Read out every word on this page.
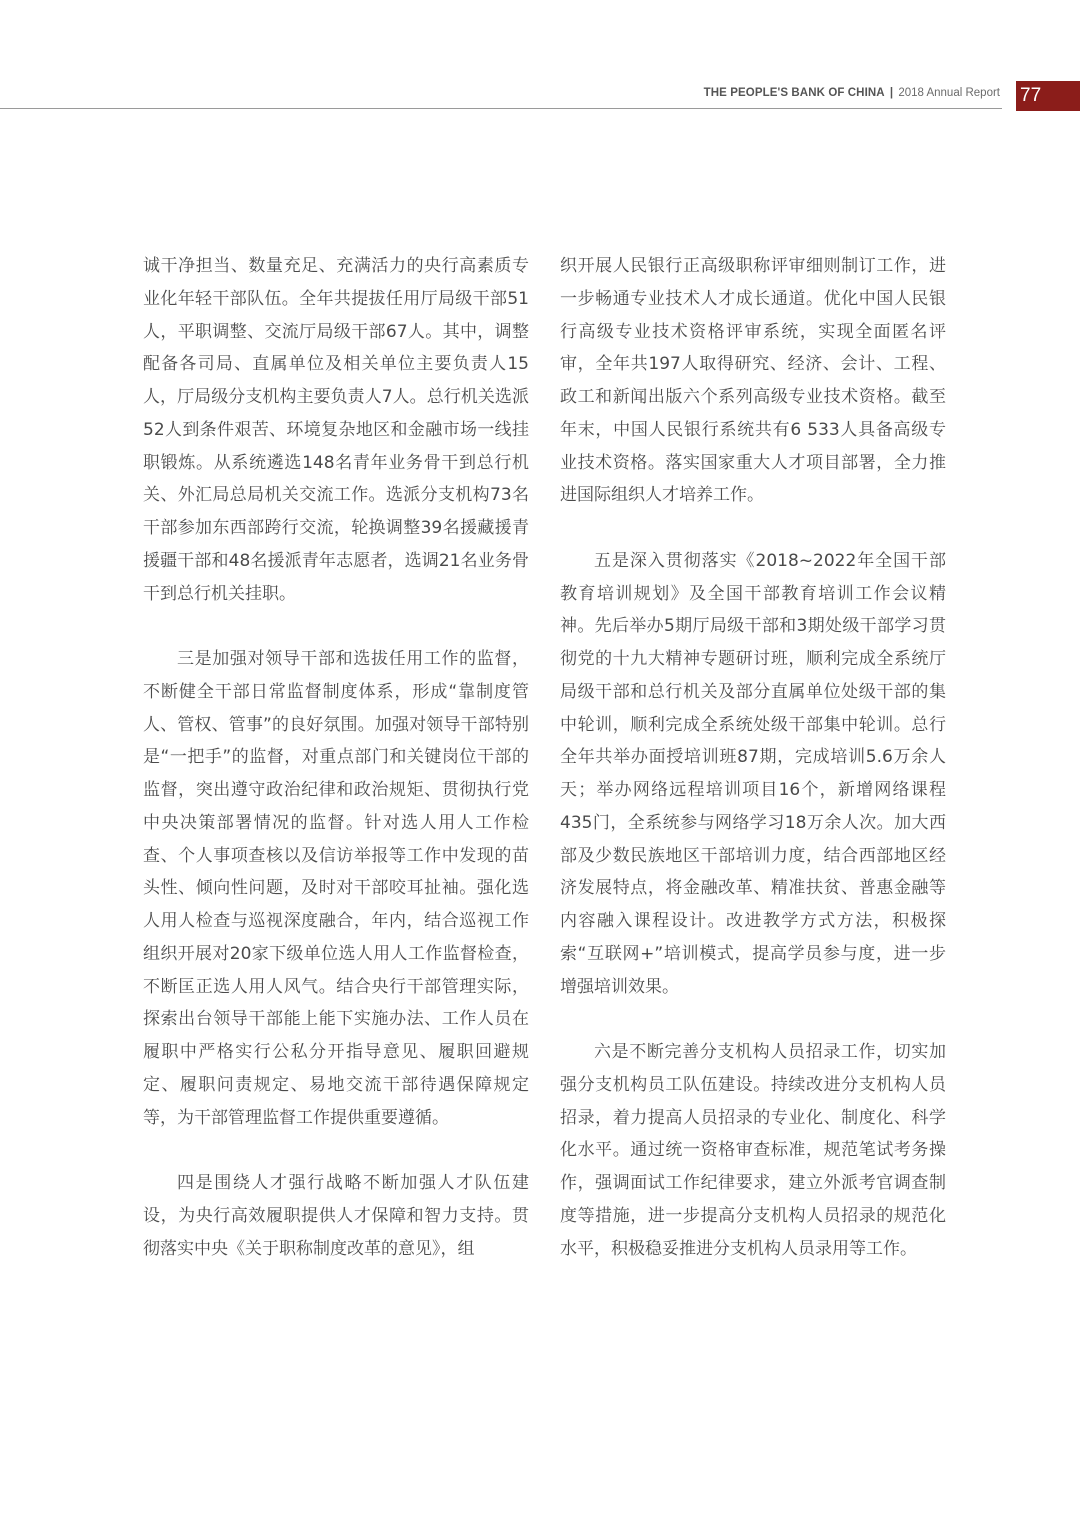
THE PEOPLE'S BANK OF CHINA | 2018 Annual Report 77

诚干净担当、数量充足、充满活力的央行高素质专业化年轻干部队伍。全年共提拔任用厅局级干部51人，平职调整、交流厅局级干部67人。其中，调整配备各司局、直属单位及相关单位主要负责人15人，厅局级分支机构主要负责人7人。总行机关选派52人到条件艰苦、环境复杂地区和金融市场一线挂职锻炼。从系统遴选148名青年业务骨干到总行机关、外汇局总局机关交流工作。选派分支机构73名干部参加东西部跨行交流，轮换调整39名援藏援青援疆干部和48名援派青年志愿者，选调21名业务骨干到总行机关挂职。

三是加强对领导干部和选拔任用工作的监督，不断健全干部日常监督制度体系，形成“靠制度管人、管权、管事”的良好氛围。加强对领导干部特别是“一把手”的监督，对重点部门和关键岗位干部的监督，突出遵守政治纪律和政治规矩、贯彻执行党中央决策部署情况的监督。针对选人用人工作检查、个人事项查核以及信访举报等工作中发现的苗头性、倾向性问题，及时对干部咬耳扯袖。强化选人用人检查与巡视深度融合，年内，结合巡视工作组织开展对20家下级单位选人用人工作监督检查，不断匡正选人用人风气。结合央行干部管理实际，探索出台领导干部能上能下实施办法、工作人员在履职中严格实行公私分开指导意见、履职回避规定、履职问责规定、易地交流干部待遇保障规定等，为干部管理监督工作提供重要遵循。

四是围绕人才强行战略不断加强人才队伍建设，为央行高效履职提供人才保障和智力支持。贯彻落实中央《关于职称制度改革的意见》，组

织开展人民银行正高级职称评审细则制订工作，进一步畅通专业技术人才成长通道。优化中国人民银行高级专业技术资格评审系统，实现全面匿名评审，全年共197人取得研究、经济、会计、工程、政工和新闻出版六个系列高级专业技术资格。截至年末，中国人民银行系统共有6 533人具备高级专业技术资格。落实国家重大人才项目部署，全力推进国际组织人才培养工作。

五是深入贯彻落实《2018~2022年全国干部教育培训规划》及全国干部教育培训工作会议精神。先后举办5期厅局级干部和3期处级干部学习贯彻党的十九大精神专题研讨班，顺利完成全系统厅局级干部和总行机关及部分直属单位处级干部的集中轮训，顺利完成全系统处级干部集中轮训。总行全年共举办面授培训班87期，完成培训5.6万余人天；举办网络远程培训项目16个，新增网络课程435门，全系统参与网络学习18万余人次。加大西部及少数民族地区干部培训力度，结合西部地区经济发展特点，将金融改革、精准扶贫、普惠金融等内容融入课程设计。改进教学方式方法，积极探索“互联网+”培训模式，提高学员参与度，进一步增强培训效果。

六是不断完善分支机构人员招录工作，切实加强分支机构员工队伍建设。持续改进分支机构人员招录，着力提高人员招录的专业化、制度化、科学化水平。通过统一资格审查标准，规范笔试考务操作，强调面试工作纪律要求，建立外派考官调查制度等措施，进一步提高分支机构人员招录的规范化水平，积极稳妥推进分支机构人员录用等工作。
